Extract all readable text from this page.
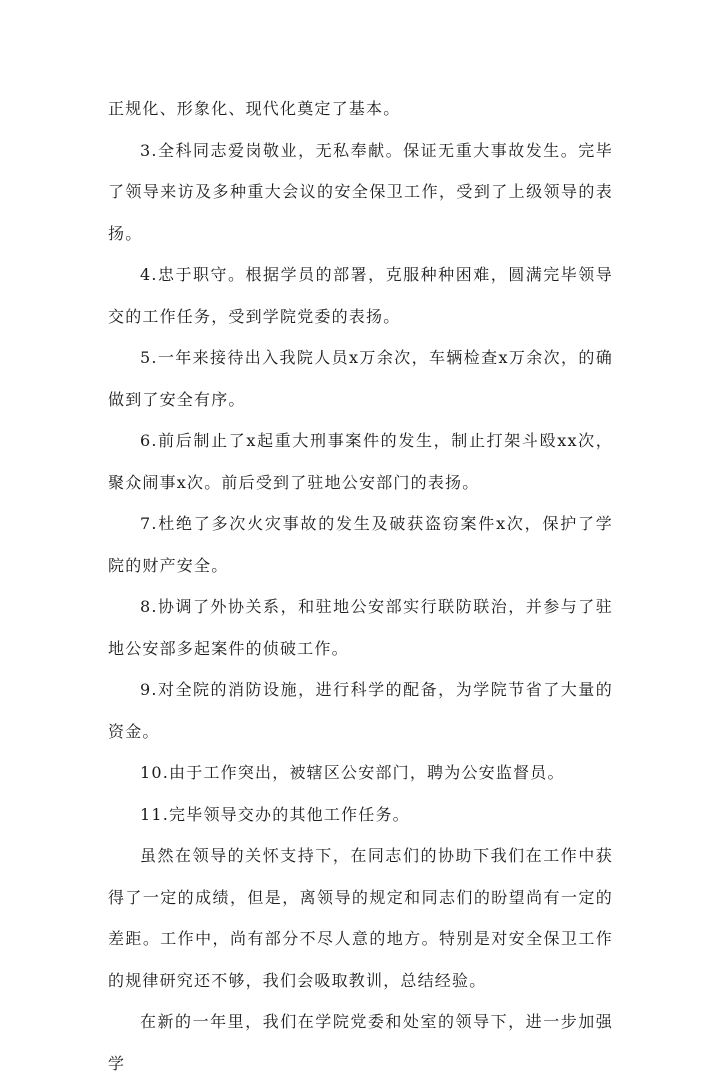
正规化、形象化、现代化奠定了基本。

3.全科同志爱岗敬业，无私奉献。保证无重大事故发生。完毕了领导来访及多种重大会议的安全保卫工作，受到了上级领导的表扬。

4.忠于职守。根据学员的部署，克服种种困难，圆满完毕领导交的工作任务，受到学院党委的表扬。

5.一年来接待出入我院人员x万余次，车辆检查x万余次，的确做到了安全有序。

6.前后制止了x起重大刑事案件的发生，制止打架斗殴xx次，聚众闹事x次。前后受到了驻地公安部门的表扬。

7.杜绝了多次火灾事故的发生及破获盗窃案件x次，保护了学院的财产安全。

8.协调了外协关系，和驻地公安部实行联防联治，并参与了驻地公安部多起案件的侦破工作。

9.对全院的消防设施，进行科学的配备，为学院节省了大量的资金。

10.由于工作突出，被辖区公安部门，聘为公安监督员。

11.完毕领导交办的其他工作任务。

虽然在领导的关怀支持下，在同志们的协助下我们在工作中获得了一定的成绩，但是，离领导的规定和同志们的盼望尚有一定的差距。工作中，尚有部分不尽人意的地方。特别是对安全保卫工作的规律研究还不够，我们会吸取教训，总结经验。

在新的一年里，我们在学院党委和处室的领导下，进一步加强学
